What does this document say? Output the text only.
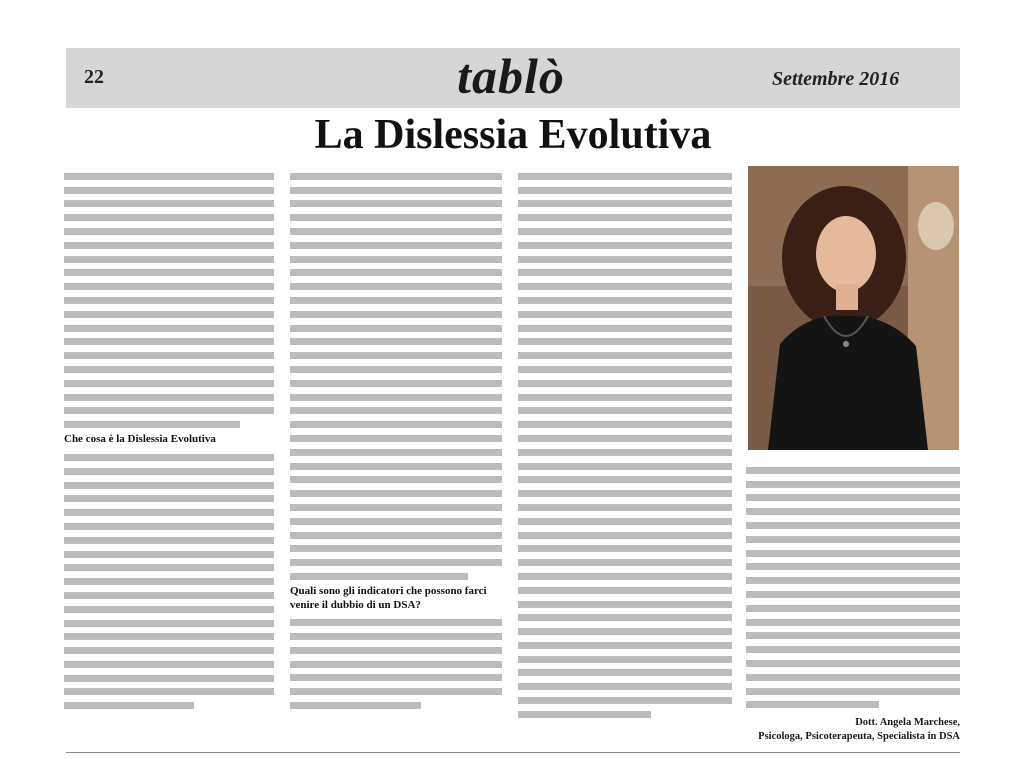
22	tablò	Settembre 2016
La Dislessia Evolutiva
Che cosa è la Dislessia Evolutiva
Quali sono gli indicatori che possono farci venire il dubbio di un DSA?
Dott. Angela Marchese,
Psicologa, Psicoterapeuta, Specialista in DSA
